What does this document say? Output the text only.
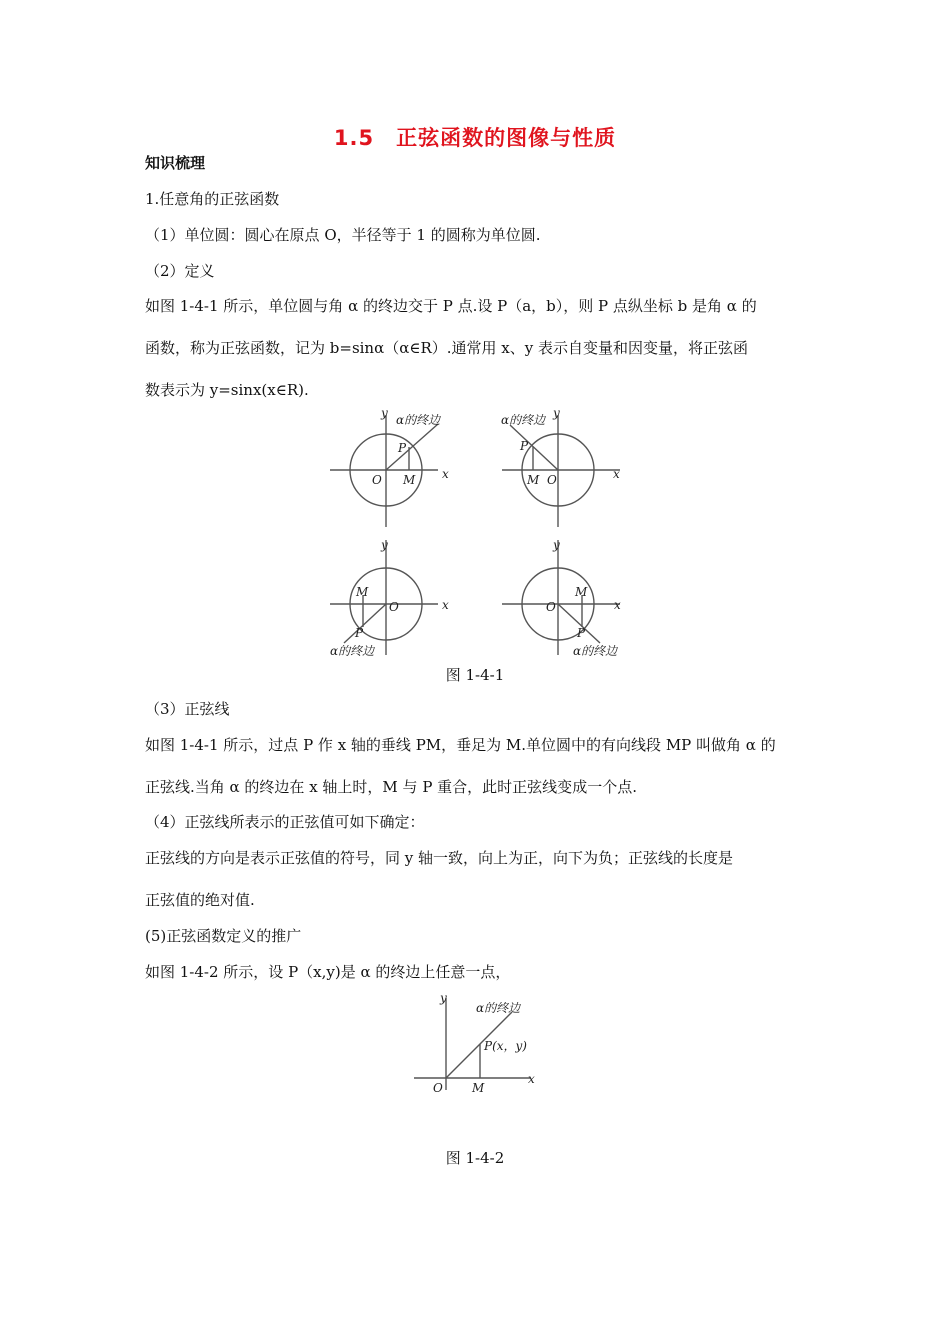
1.5　正弦函数的图像与性质
知识梳理
1.任意角的正弦函数
（1）单位圆：圆心在原点 O，半径等于 1 的圆称为单位圆.
（2）定义
如图 1-4-1 所示，单位圆与角 α 的终边交于 P 点.设 P（a，b），则 P 点纵坐标 b 是角 α 的
函数，称为正弦函数，记为 b=sinα（α∈R）.通常用 x、y 表示自变量和因变量，将正弦函
数表示为 y=sinx(x∈R).
y
x
O
P
M
α的终边	y
x
O
P
M
α的终边
y
x
O
M
P
α的终边
y
x
O
M
P
α的终边
图 1-4-1
（3）正弦线
如图 1-4-1 所示，过点 P 作 x 轴的垂线 PM，垂足为 M.单位圆中的有向线段 MP 叫做角 α 的
正弦线.当角 α 的终边在 x 轴上时，M 与 P 重合，此时正弦线变成一个点.
（4）正弦线所表示的正弦值可如下确定：
正弦线的方向是表示正弦值的符号，同 y 轴一致，向上为正，向下为负；正弦线的长度是
正弦值的绝对值.
(5)正弦函数定义的推广
如图 1-4-2 所示，设 P（x,y)是 α 的终边上任意一点，
y
x
O M
P(x，y)
α的终边
图 1-4-2
